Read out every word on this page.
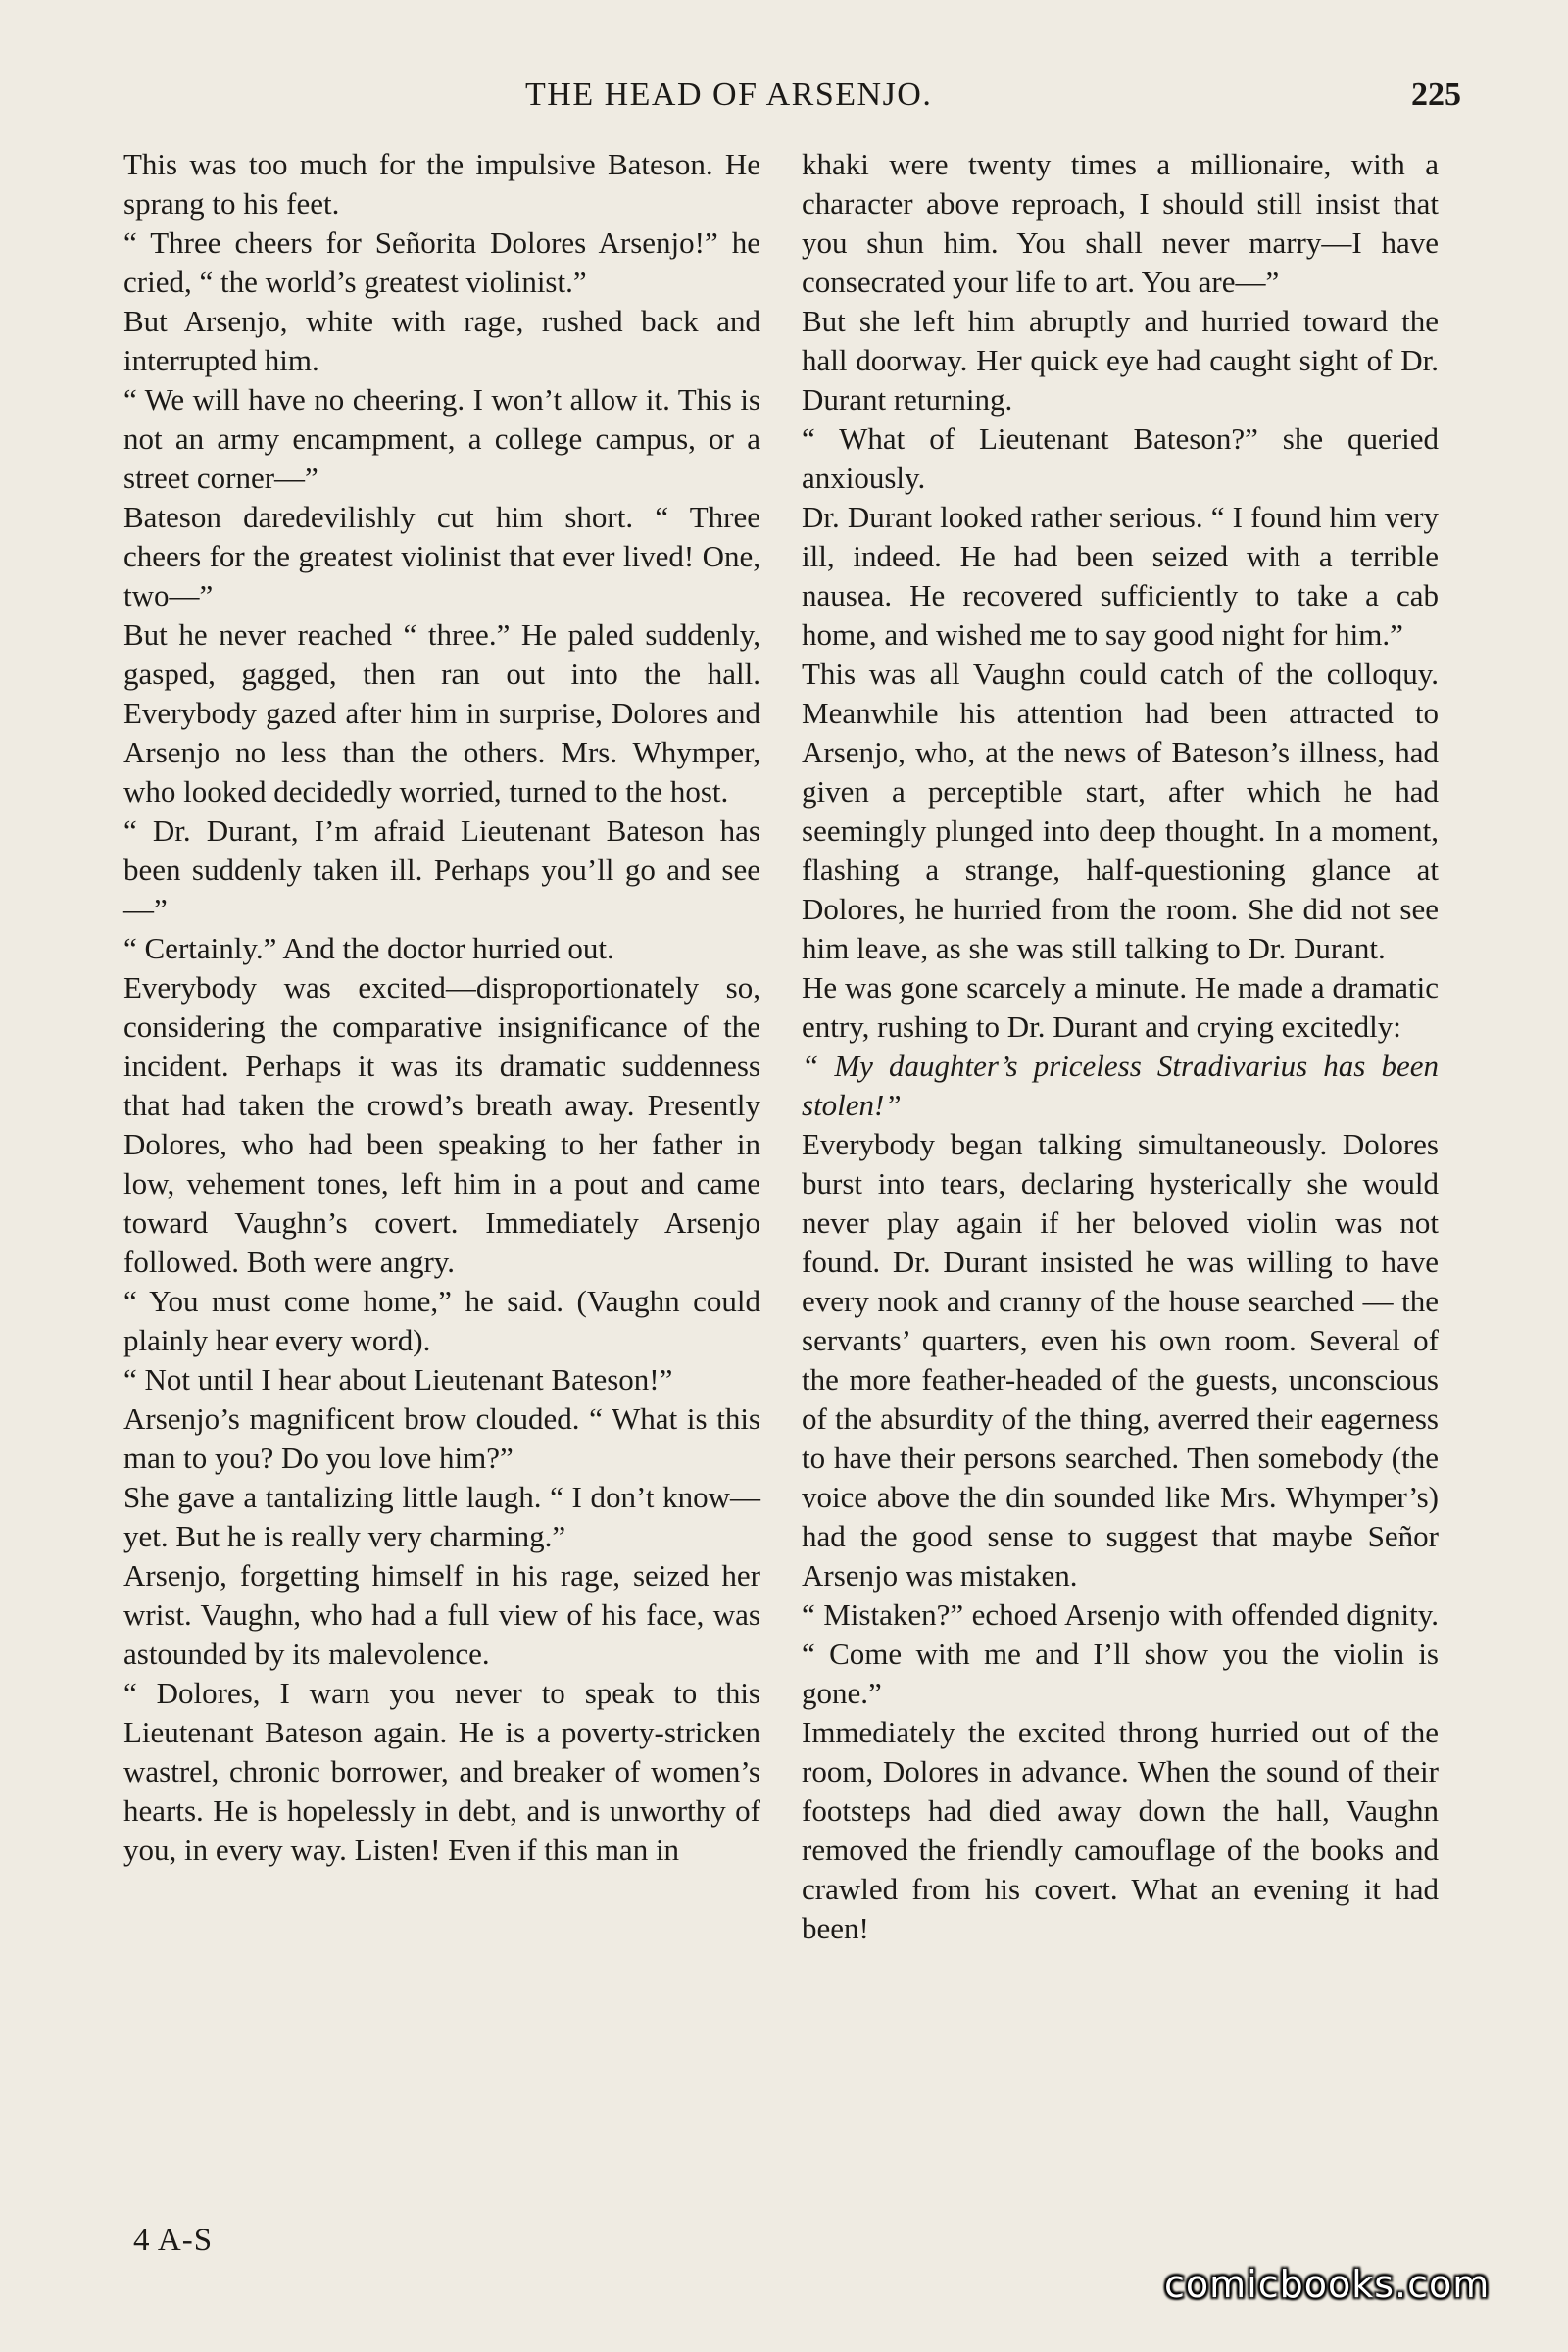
THE HEAD OF ARSENJO.	225

This was too much for the impulsive Bateson. He sprang to his feet.

“ Three cheers for Señorita Dolores Arsenjo!” he cried, “ the world’s greatest violinist.”

But Arsenjo, white with rage, rushed back and interrupted him.

“ We will have no cheering. I won’t allow it. This is not an army encampment, a college campus, or a street corner—”

Bateson daredevilishly cut him short. “ Three cheers for the greatest violinist that ever lived! One, two—”

But he never reached “ three.” He paled suddenly, gasped, gagged, then ran out into the hall. Everybody gazed after him in surprise, Dolores and Arsenjo no less than the others. Mrs. Whymper, who looked decidedly worried, turned to the host.

“ Dr. Durant, I’m afraid Lieutenant Bateson has been suddenly taken ill. Perhaps you’ll go and see—”

“ Certainly.” And the doctor hurried out.

Everybody was excited—disproportionately so, considering the comparative insignificance of the incident. Perhaps it was its dramatic suddenness that had taken the crowd’s breath away. Presently Dolores, who had been speaking to her father in low, vehement tones, left him in a pout and came toward Vaughn’s covert. Immediately Arsenjo followed. Both were angry.

“ You must come home,” he said. (Vaughn could plainly hear every word).

“ Not until I hear about Lieutenant Bateson!”

Arsenjo’s magnificent brow clouded. “ What is this man to you? Do you love him?”

She gave a tantalizing little laugh. “ I don’t know—yet. But he is really very charming.”

Arsenjo, forgetting himself in his rage, seized her wrist. Vaughn, who had a full view of his face, was astounded by its malevolence.

“ Dolores, I warn you never to speak to this Lieutenant Bateson again. He is a poverty-stricken wastrel, chronic borrower, and breaker of women’s hearts. He is hopelessly in debt, and is unworthy of you, in every way. Listen! Even if this man in

khaki were twenty times a millionaire, with a character above reproach, I should still insist that you shun him. You shall never marry—I have consecrated your life to art. You are—”

But she left him abruptly and hurried toward the hall doorway. Her quick eye had caught sight of Dr. Durant returning.

“ What of Lieutenant Bateson?” she queried anxiously.

Dr. Durant looked rather serious. “ I found him very ill, indeed. He had been seized with a terrible nausea. He recovered sufficiently to take a cab home, and wished me to say good night for him.”

This was all Vaughn could catch of the colloquy. Meanwhile his attention had been attracted to Arsenjo, who, at the news of Bateson’s illness, had given a perceptible start, after which he had seemingly plunged into deep thought. In a moment, flashing a strange, half-questioning glance at Dolores, he hurried from the room. She did not see him leave, as she was still talking to Dr. Durant.

He was gone scarcely a minute. He made a dramatic entry, rushing to Dr. Durant and crying excitedly:

“ My daughter’s priceless Stradivarius has been stolen!”

Everybody began talking simultaneously. Dolores burst into tears, declaring hysterically she would never play again if her beloved violin was not found. Dr. Durant insisted he was willing to have every nook and cranny of the house searched — the servants’ quarters, even his own room. Several of the more feather-headed of the guests, unconscious of the absurdity of the thing, averred their eagerness to have their persons searched. Then somebody (the voice above the din sounded like Mrs. Whymper’s) had the good sense to suggest that maybe Señor Arsenjo was mistaken.

“ Mistaken?” echoed Arsenjo with offended dignity. “ Come with me and I’ll show you the violin is gone.”

Immediately the excited throng hurried out of the room, Dolores in advance. When the sound of their footsteps had died away down the hall, Vaughn removed the friendly camouflage of the books and crawled from his covert. What an evening it had been!

4 A-S
comicbooks.com
